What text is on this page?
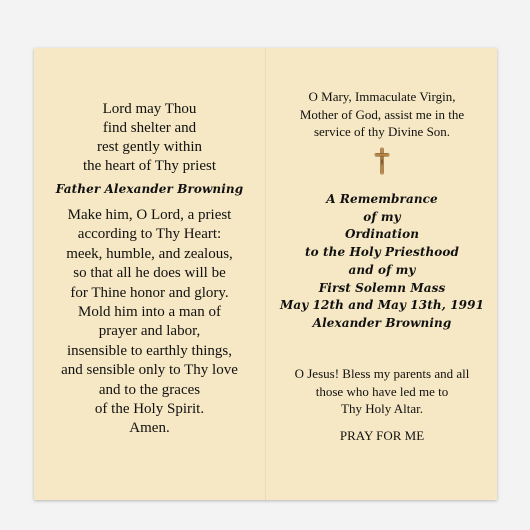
Lord may Thou
find shelter and
rest gently within
the heart of Thy priest
Father Alexander Browning
Make him, O Lord, a priest
according to Thy Heart:
meek, humble, and zealous,
so that all he does will be
for Thine honor and glory.
Mold him into a man of
prayer and labor,
insensible to earthly things,
and sensible only to Thy love
and to the graces
of the Holy Spirit.
Amen.
O Mary, Immaculate Virgin,
Mother of God, assist me in the
service of thy Divine Son.
A Remembrance
of my
Ordination
to the Holy Priesthood
and of my
First Solemn Mass
May 12th and May 13th, 1991
Alexander Browning
O Jesus! Bless my parents and all
those who have led me to
Thy Holy Altar.
PRAY FOR ME
